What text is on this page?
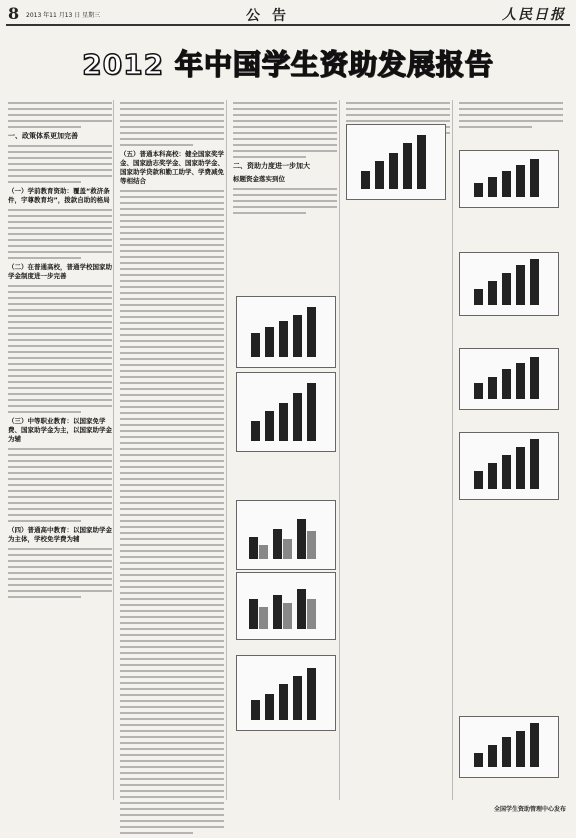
8 2013 年11 月13 日 星期三	公告	人民日报
2012 年中国学生资助发展报告
一、政策体系更加完善
（一）学前教育资助：覆盖“救济条件，宇尊教育均”，拨款自助的格局
（二）在普通高校，普通学校国家助学金制度进一步完善
（三）中等职业教育：以国家免学费、国家助学金为主，以国家助学金为辅
（四）普通高中教育：以国家助学金为主体，学校免学费为辅
（五）普通本科高校：健全国家奖学金、国家励志奖学金、国家助学金、国家助学贷款和勤工助学、学费减免等相结合
二、资助力度进一步加大
标题资金落实到位
全国学生资助管理中心发布
